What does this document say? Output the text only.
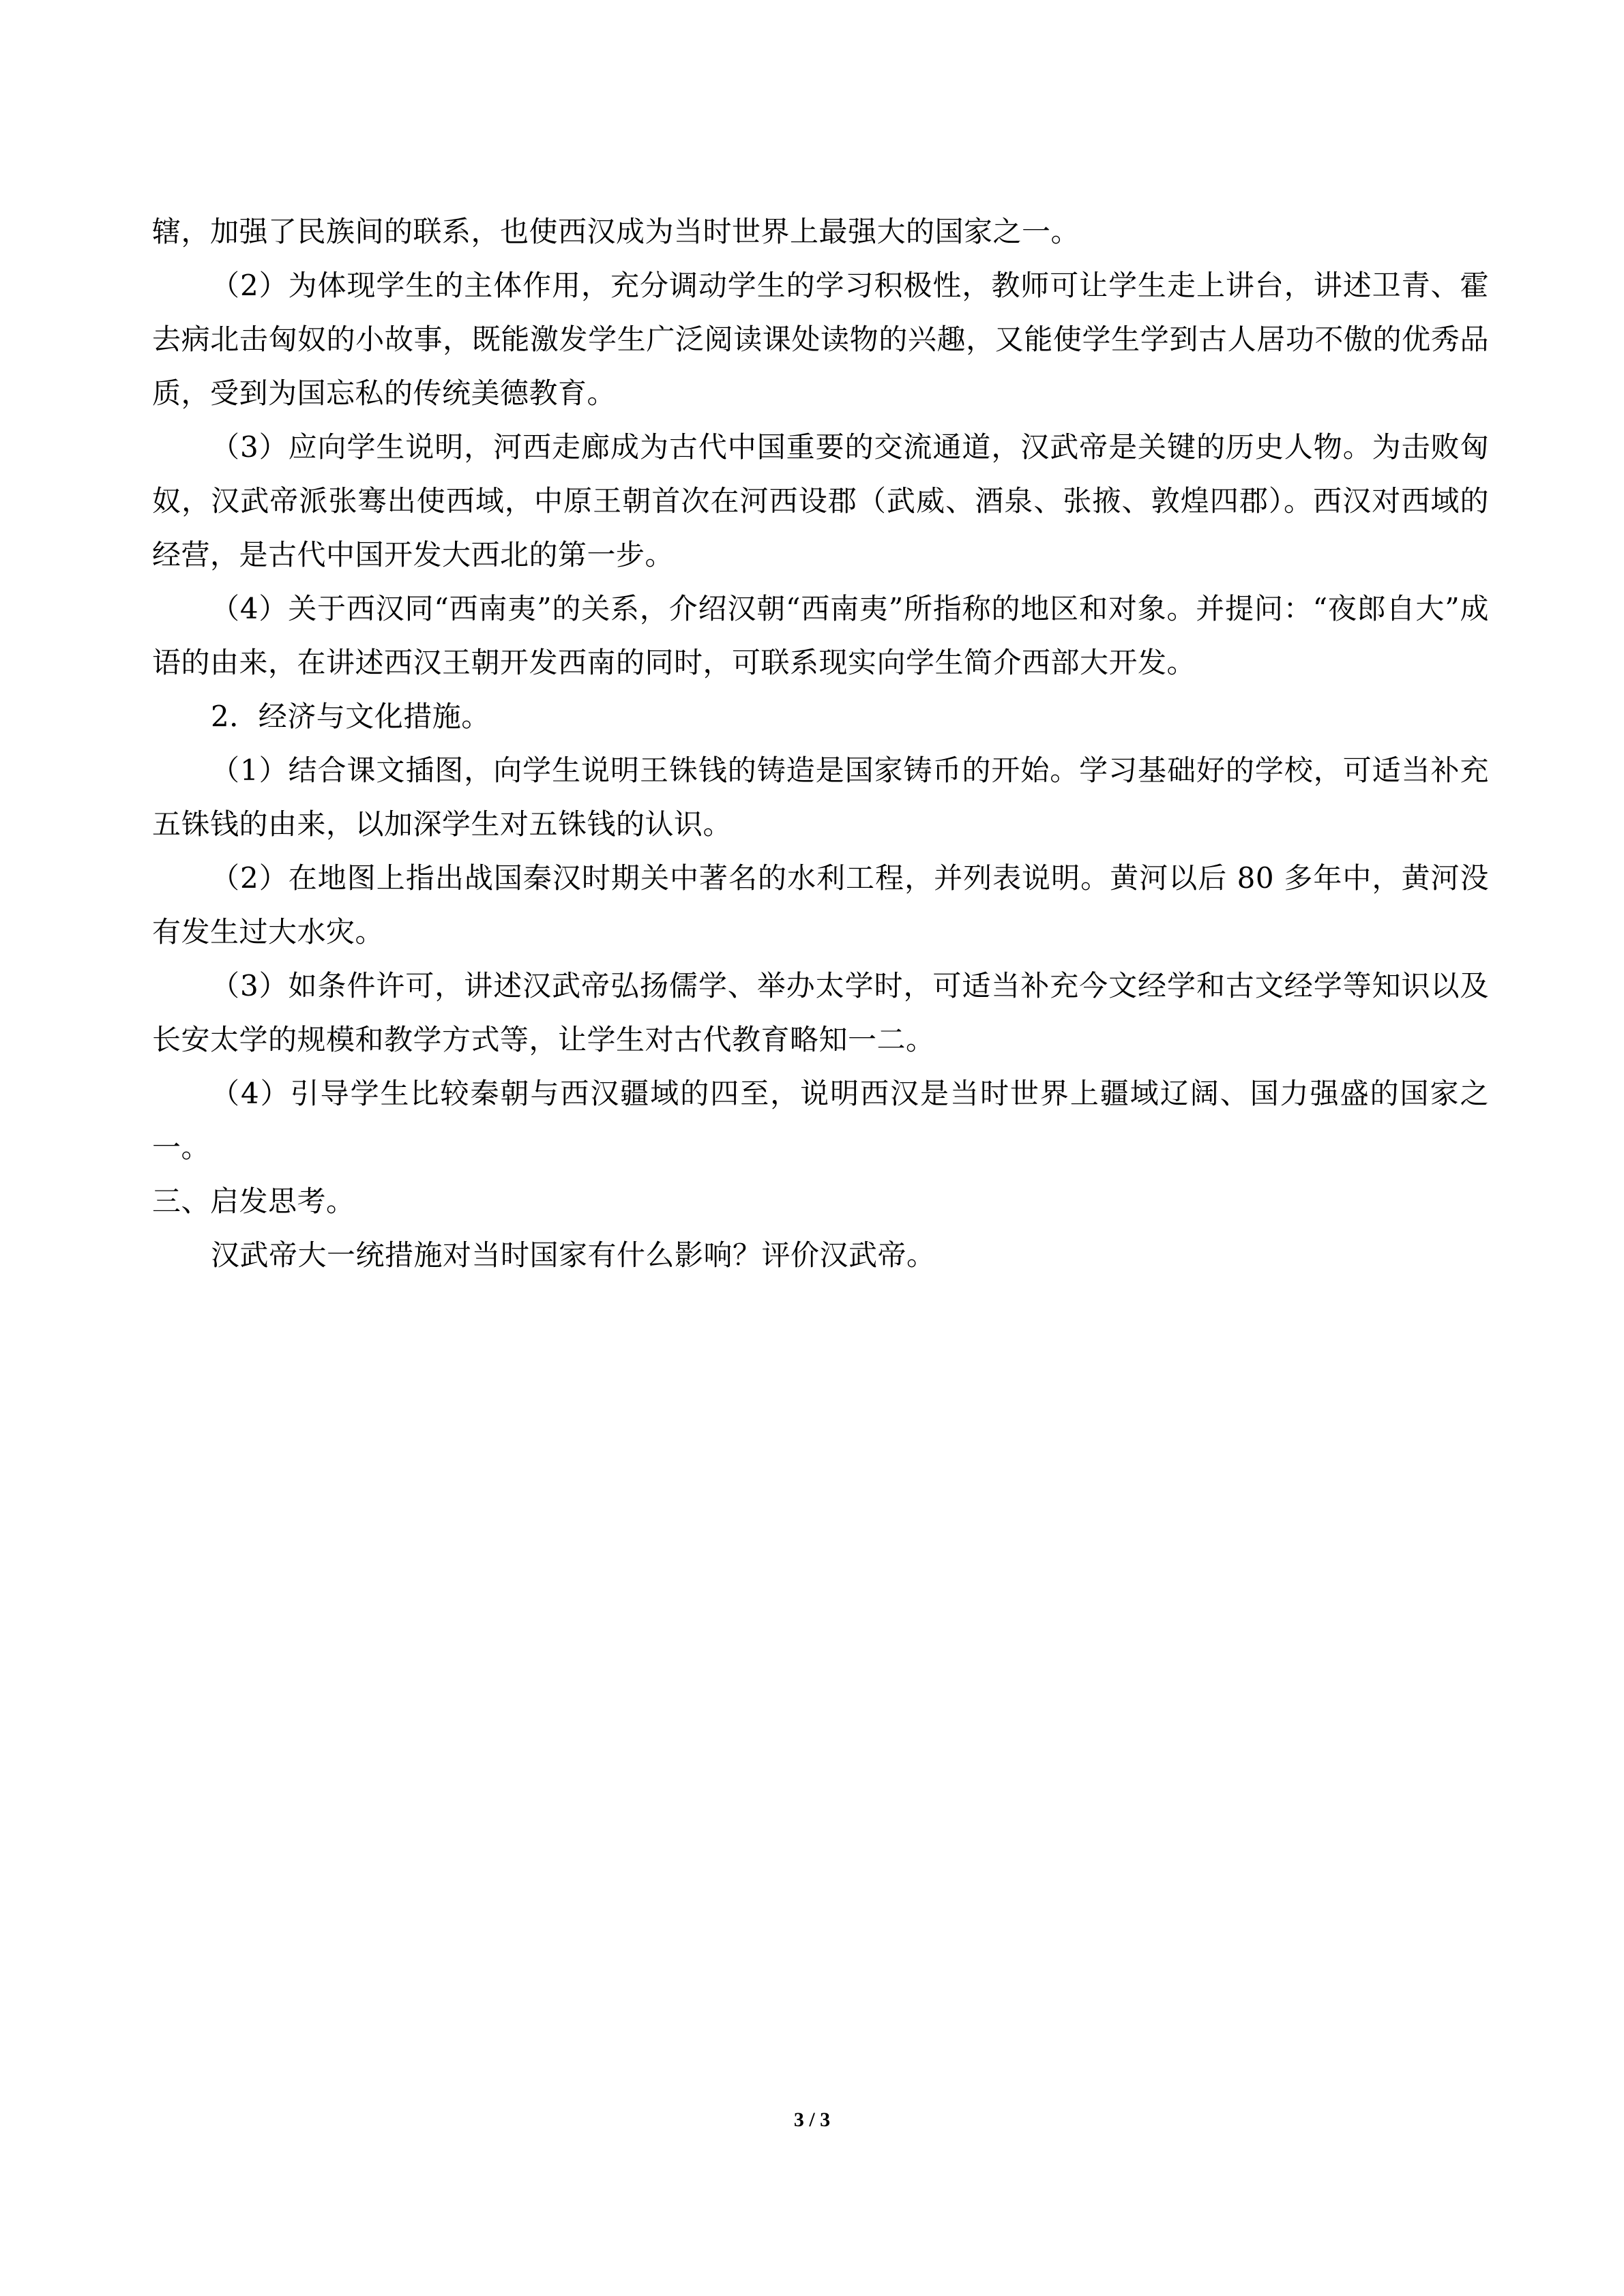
辖，加强了民族间的联系，也使西汉成为当时世界上最强大的国家之一。

（2）为体现学生的主体作用，充分调动学生的学习积极性，教师可让学生走上讲台，讲述卫青、霍去病北击匈奴的小故事，既能激发学生广泛阅读课处读物的兴趣，又能使学生学到古人居功不傲的优秀品质，受到为国忘私的传统美德教育。

（3）应向学生说明，河西走廊成为古代中国重要的交流通道，汉武帝是关键的历史人物。为击败匈奴，汉武帝派张骞出使西域，中原王朝首次在河西设郡（武威、酒泉、张掖、敦煌四郡）。西汉对西域的经营，是古代中国开发大西北的第一步。

（4）关于西汉同“西南夷”的关系，介绍汉朝“西南夷”所指称的地区和对象。并提问：“夜郎自大”成语的由来，在讲述西汉王朝开发西南的同时，可联系现实向学生简介西部大开发。

2．经济与文化措施。

（1）结合课文插图，向学生说明王铢钱的铸造是国家铸币的开始。学习基础好的学校，可适当补充五铢钱的由来，以加深学生对五铢钱的认识。

（2）在地图上指出战国秦汉时期关中著名的水利工程，并列表说明。黄河以后 80 多年中，黄河没有发生过大水灾。

（3）如条件许可，讲述汉武帝弘扬儒学、举办太学时，可适当补充今文经学和古文经学等知识以及长安太学的规模和教学方式等，让学生对古代教育略知一二。

（4）引导学生比较秦朝与西汉疆域的四至，说明西汉是当时世界上疆域辽阔、国力强盛的国家之一。

三、启发思考。

汉武帝大一统措施对当时国家有什么影响？评价汉武帝。

3 / 3
